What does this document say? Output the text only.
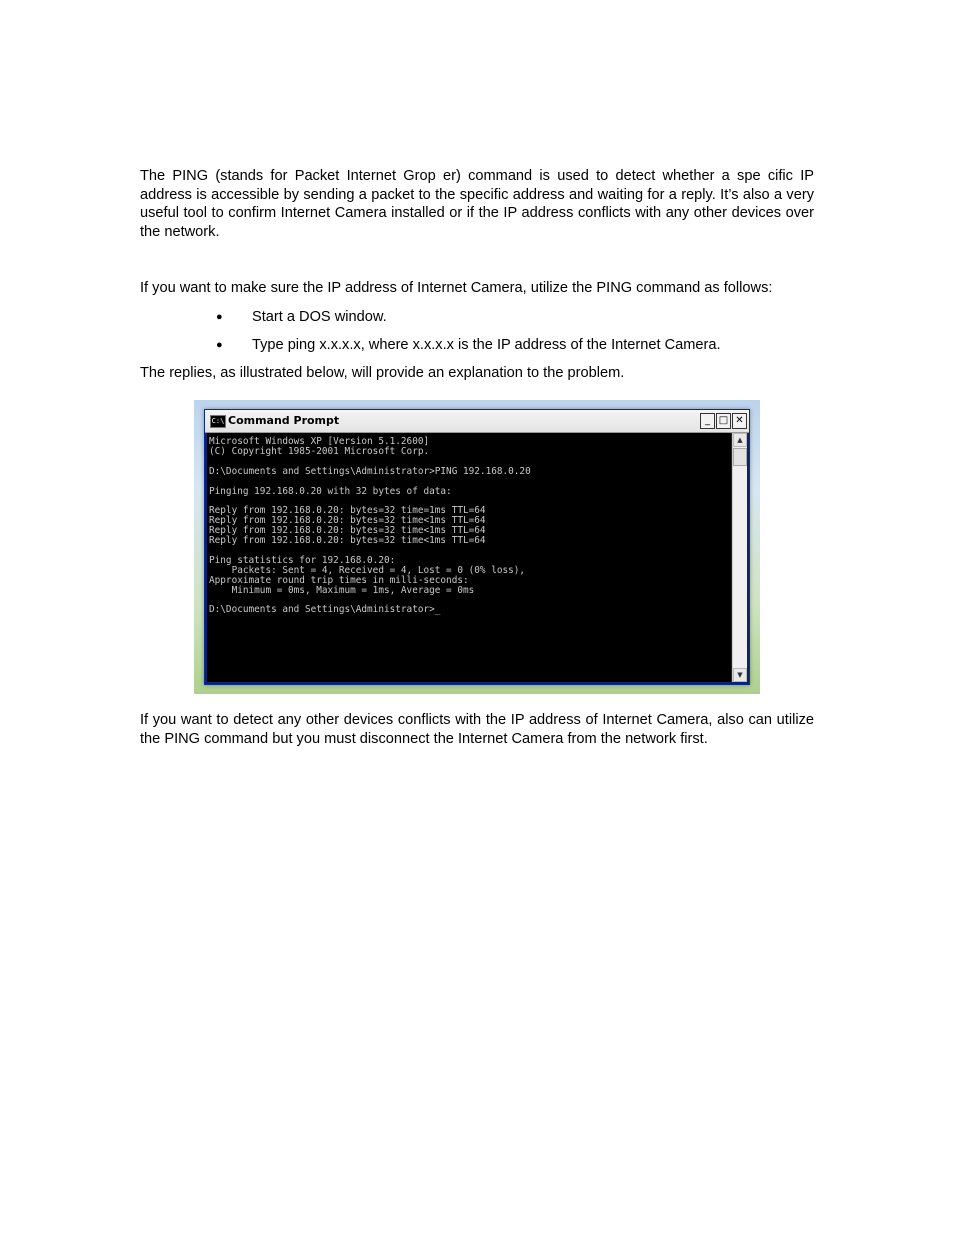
The PING (stands for Packet Internet Grop er) command is used to detect whether a spe cific IP address is accessible by sending a packet to the specific address and waiting for a reply. It’s also a very useful tool to confirm Internet Camera installed or if the IP address conflicts with any other devices over the network.

If you want to make sure the IP address of Internet Camera, utilize the PING command as follows:

●	Start a DOS window.
●	Type ping x.x.x.x, where x.x.x.x is the IP address of the Internet Camera.

The replies, as illustrated below, will provide an explanation to the problem.

C:\ Command Prompt	_ □ ✕
Microsoft Windows XP [Version 5.1.2600]
(C) Copyright 1985-2001 Microsoft Corp.

D:\Documents and Settings\Administrator>PING 192.168.0.20

Pinging 192.168.0.20 with 32 bytes of data:

Reply from 192.168.0.20: bytes=32 time=1ms TTL=64
Reply from 192.168.0.20: bytes=32 time<1ms TTL=64
Reply from 192.168.0.20: bytes=32 time<1ms TTL=64
Reply from 192.168.0.20: bytes=32 time<1ms TTL=64

Ping statistics for 192.168.0.20:
Packets: Sent = 4, Received = 4, Lost = 0 (0% loss),
Approximate round trip times in milli-seconds:
Minimum = 0ms, Maximum = 1ms, Average = 0ms

D:\Documents and Settings\Administrator>_
▲
▼

If you want to detect any other devices conflicts with the IP address of Internet Camera, also can utilize the PING command but you must disconnect the Internet Camera from the network first.
